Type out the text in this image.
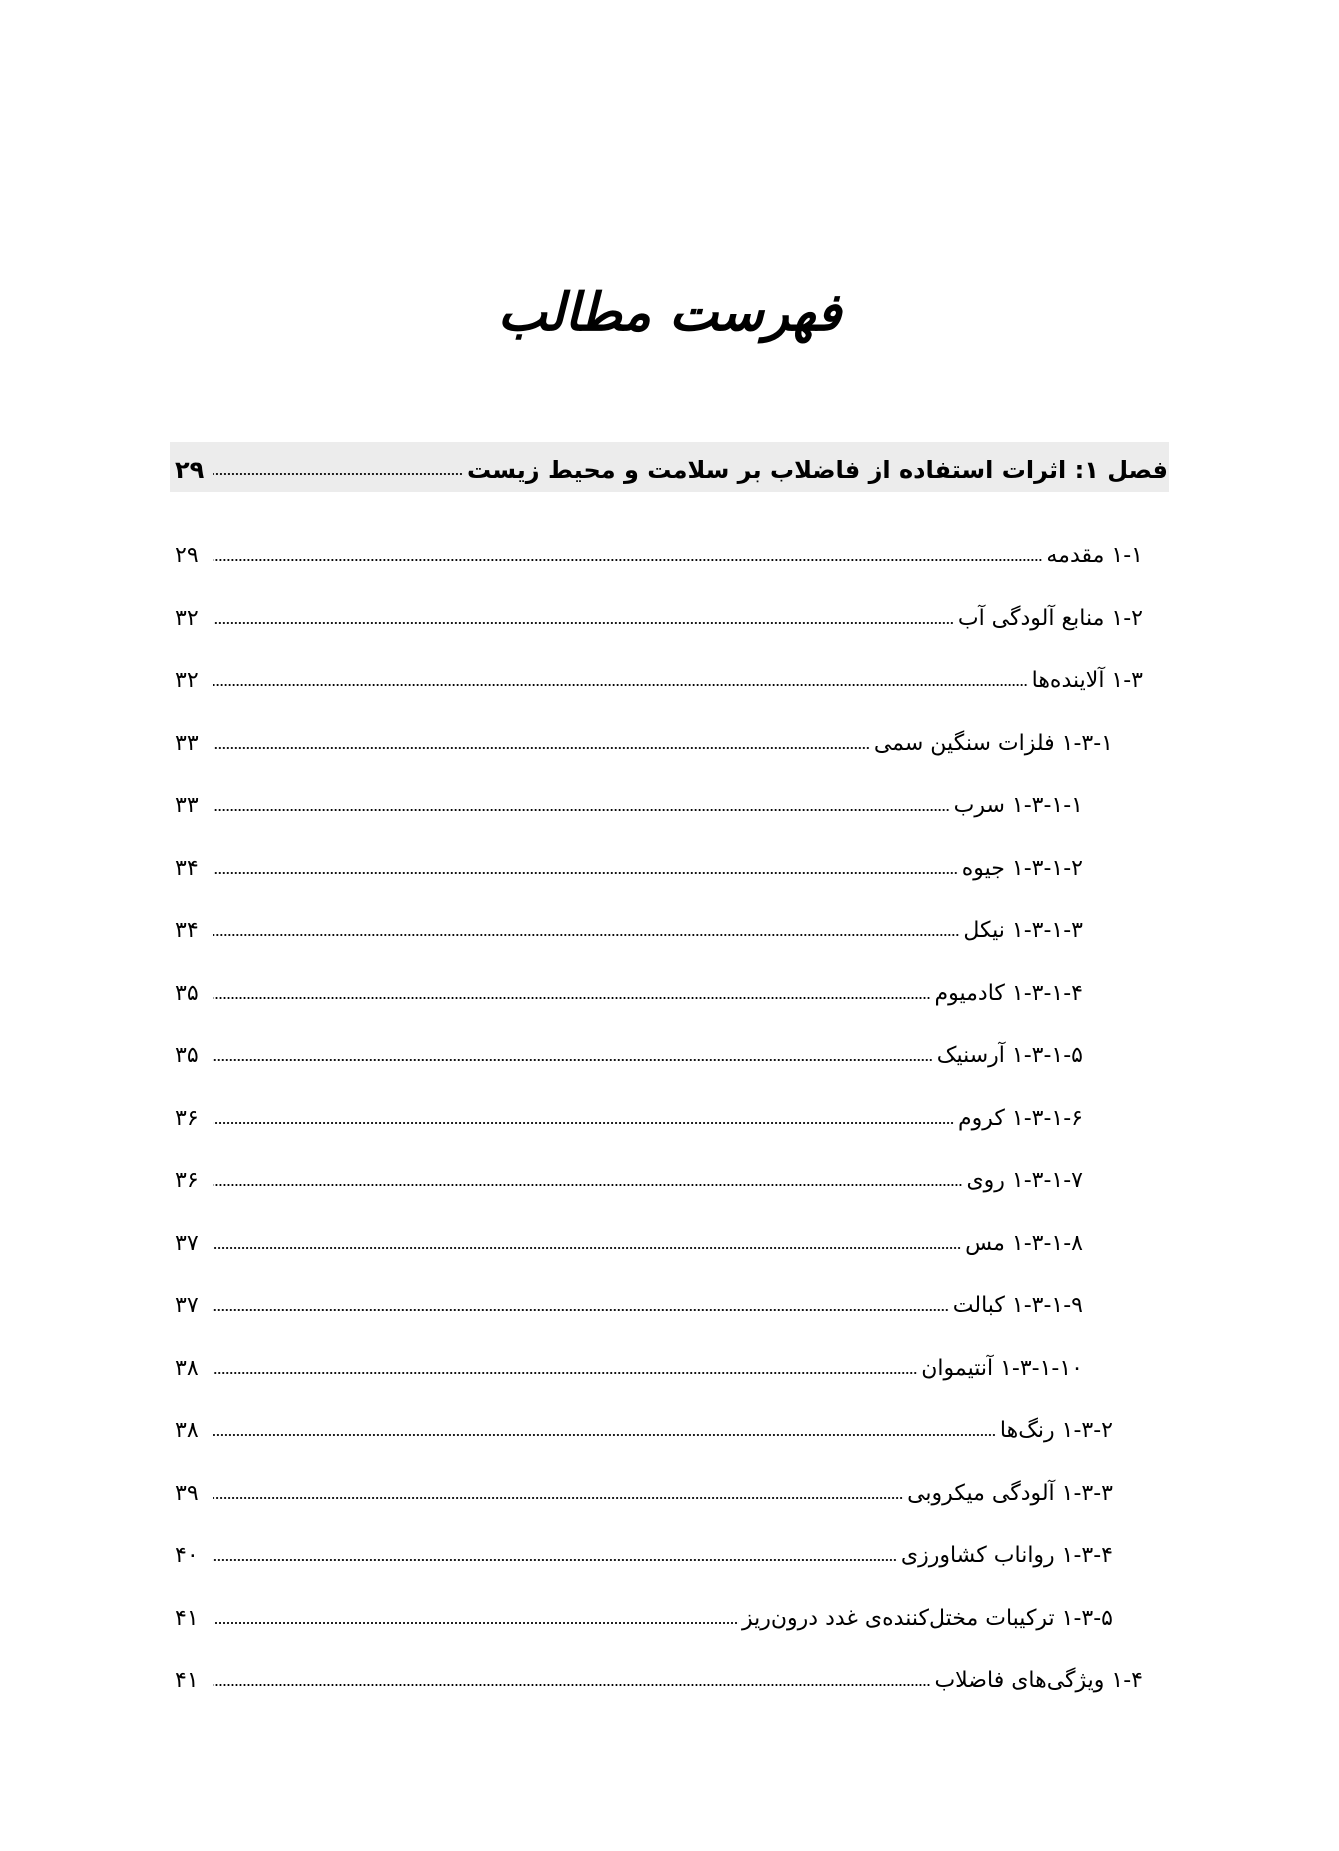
فهرست مطالب
فصل ۱: اثرات استفاده از فاضلاب بر سلامت و محیط زیست
۲۹
۱-۱ مقدمه
۲۹
۱-۲ منابع آلودگی آب
۳۲
۱-۳ آلاینده‌ها
۳۲
۱-۳-۱ فلزات سنگین سمی
۳۳
۱-۳-۱-۱ سرب
۳۳
۱-۳-۱-۲ جیوه
۳۴
۱-۳-۱-۳ نیکل
۳۴
۱-۳-۱-۴ کادمیوم
۳۵
۱-۳-۱-۵ آرسنیک
۳۵
۱-۳-۱-۶ کروم
۳۶
۱-۳-۱-۷ روی
۳۶
۱-۳-۱-۸ مس
۳۷
۱-۳-۱-۹ کبالت
۳۷
۱-۳-۱-۱۰ آنتیموان
۳۸
۱-۳-۲ رنگ‌ها
۳۸
۱-۳-۳ آلودگی میکروبی
۳۹
۱-۳-۴ رواناب کشاورزی
۴۰
۱-۳-۵ ترکیبات مختل‌کننده‌ی غدد درون‌ریز
۴۱
۱-۴ ویژگی‌های فاضلاب
۴۱
